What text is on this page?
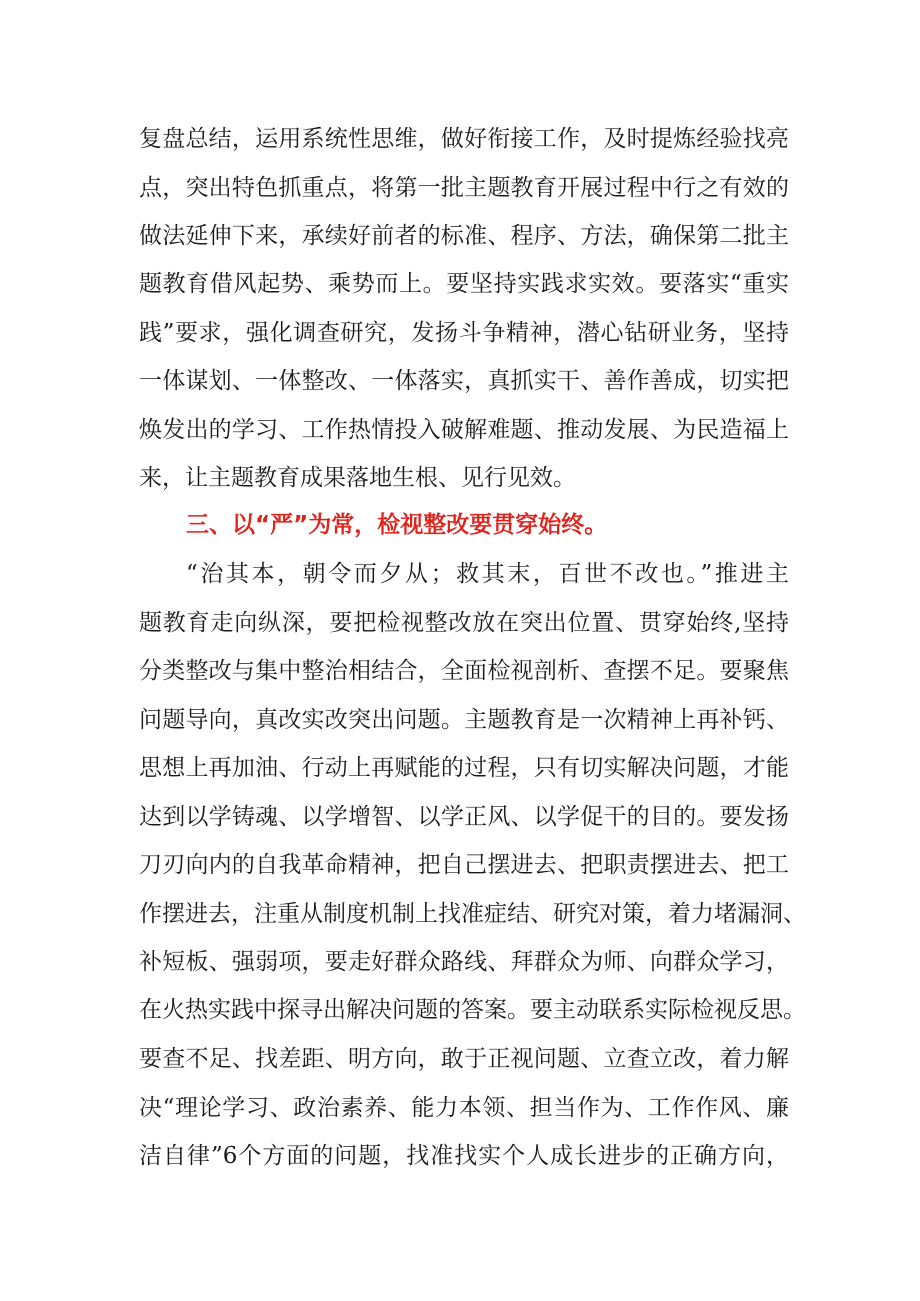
复盘总结，运用系统性思维，做好衔接工作，及时提炼经验找亮
点，突出特色抓重点，将第一批主题教育开展过程中行之有效的
做法延伸下来，承续好前者的标准、程序、方法，确保第二批主
题教育借风起势、乘势而上。要坚持实践求实效。要落实“重实
践”要求，强化调查研究，发扬斗争精神，潜心钻研业务，坚持
一体谋划、一体整改、一体落实，真抓实干、善作善成，切实把
焕发出的学习、工作热情投入破解难题、推动发展、为民造福上
来，让主题教育成果落地生根、见行见效。
三、以“严”为常，检视整改要贯穿始终。
“治其本，朝令而夕从；救其末，百世不改也。”推进主
题教育走向纵深，要把检视整改放在突出位置、贯穿始终,坚持
分类整改与集中整治相结合，全面检视剖析、查摆不足。要聚焦
问题导向，真改实改突出问题。主题教育是一次精神上再补钙、
思想上再加油、行动上再赋能的过程，只有切实解决问题，才能
达到以学铸魂、以学增智、以学正风、以学促干的目的。要发扬
刀刃向内的自我革命精神，把自己摆进去、把职责摆进去、把工
作摆进去，注重从制度机制上找准症结、研究对策，着力堵漏洞、
补短板、强弱项，要走好群众路线、拜群众为师、向群众学习，
在火热实践中探寻出解决问题的答案。要主动联系实际检视反思。
要查不足、找差距、明方向，敢于正视问题、立查立改，着力解
决“理论学习、政治素养、能力本领、担当作为、工作作风、廉
洁自律”6个方面的问题，找准找实个人成长进步的正确方向，
